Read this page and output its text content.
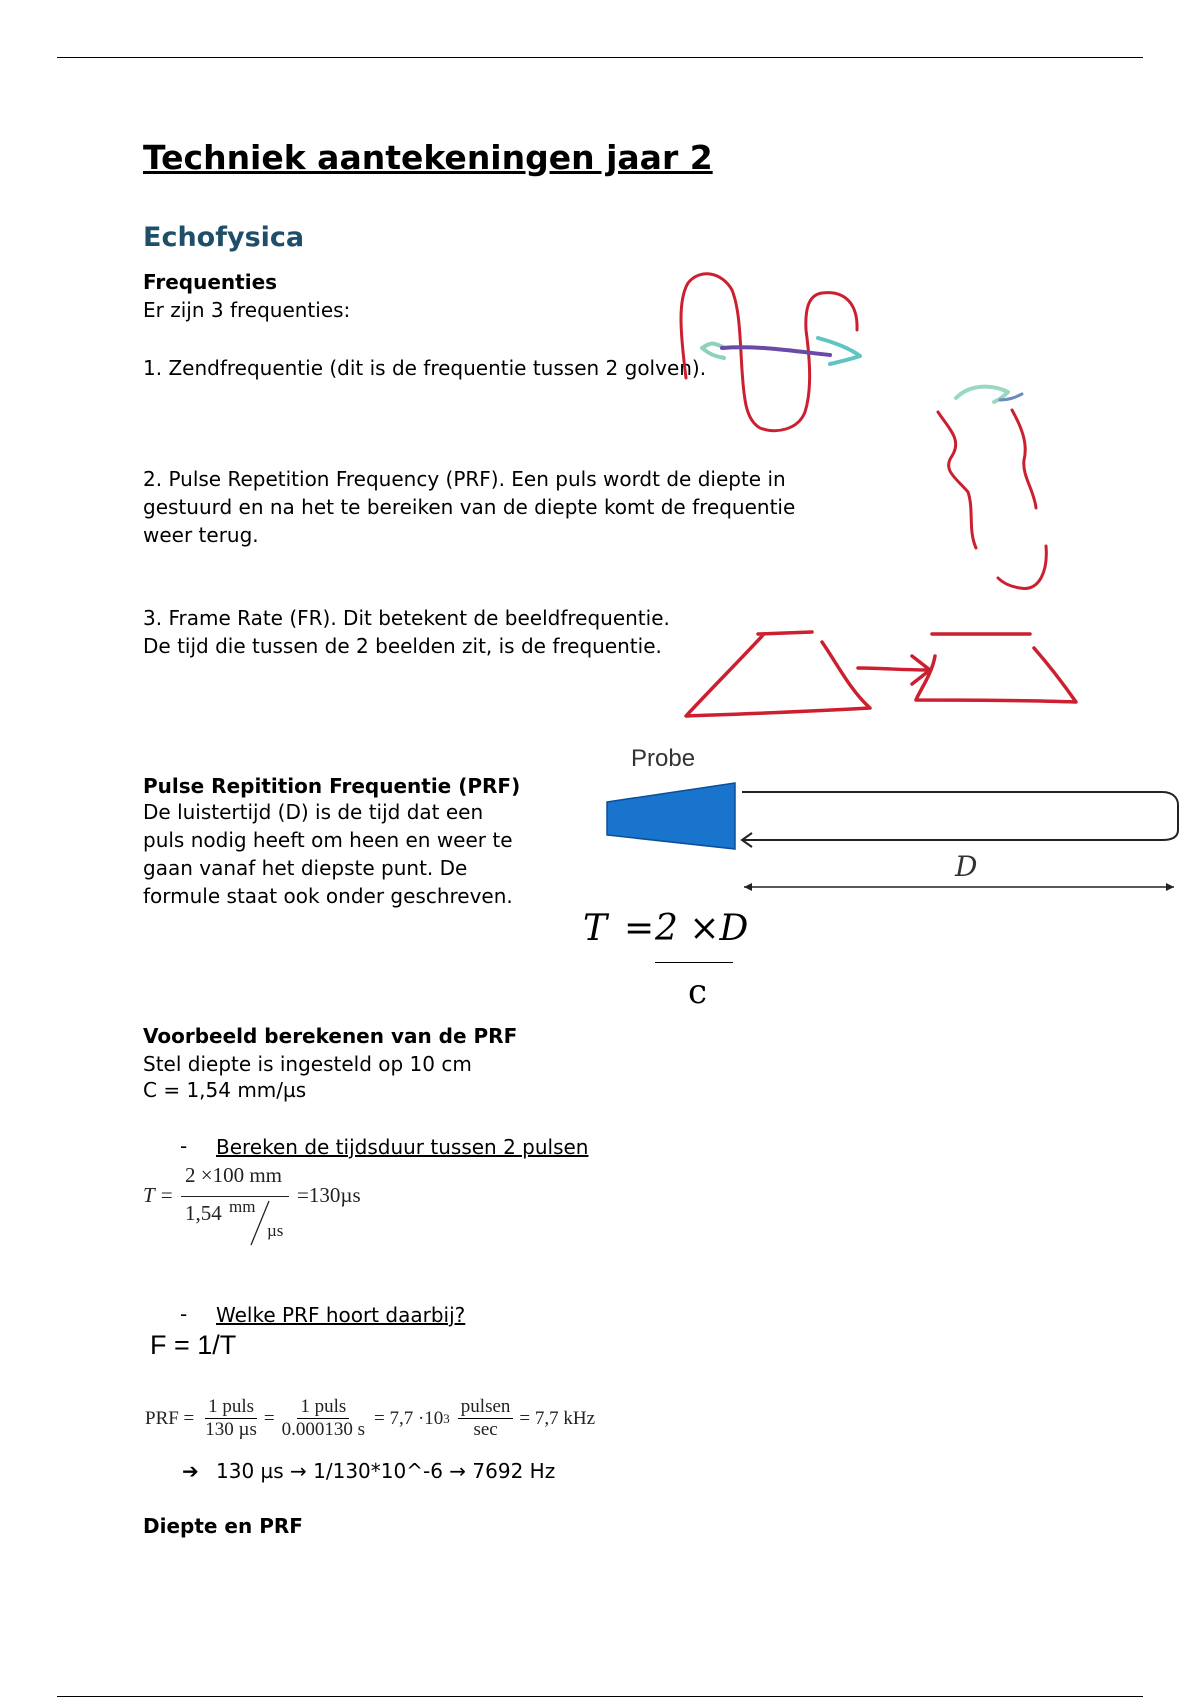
Techniek aantekeningen jaar 2
Echofysica
Frequenties
Er zijn 3 frequenties:
1. Zendfrequentie (dit is de frequentie tussen 2 golven).
2. Pulse Repetition Frequency (PRF). Een puls wordt de diepte in
gestuurd en na het te bereiken van de diepte komt de frequentie
weer terug.
3. Frame Rate (FR). Dit betekent de beeldfrequentie.
De tijd die tussen de 2 beelden zit, is de frequentie.
Pulse Repitition Frequentie (PRF)
De luistertijd (D) is de tijd dat een
puls nodig heeft om heen en weer te
gaan vanaf het diepste punt. De
formule staat ook onder geschreven.
Probe
D
T = 2 ×D
c
Voorbeeld berekenen van de PRF
Stel diepte is ingesteld op 10 cm
C = 1,54 mm/µs
- Bereken de tijdsduur tussen 2 pulsen
T =
2 ×100 mm
1,54 mm
µs
=130µs
- Welke PRF hoort daarbij?
F = 1/T
PRF = $\frac{\text{1 puls}}{\text{130 µs}} = \frac{\text{1 puls}}{0.000130 s} = 7,7 \cdot 10$ $3 \frac{\text{pulsen}}{\sec} = 7,7$ kHz
➔ 130 µs → 1/130*10^-6 → 7692 Hz
Diepte en PRF
